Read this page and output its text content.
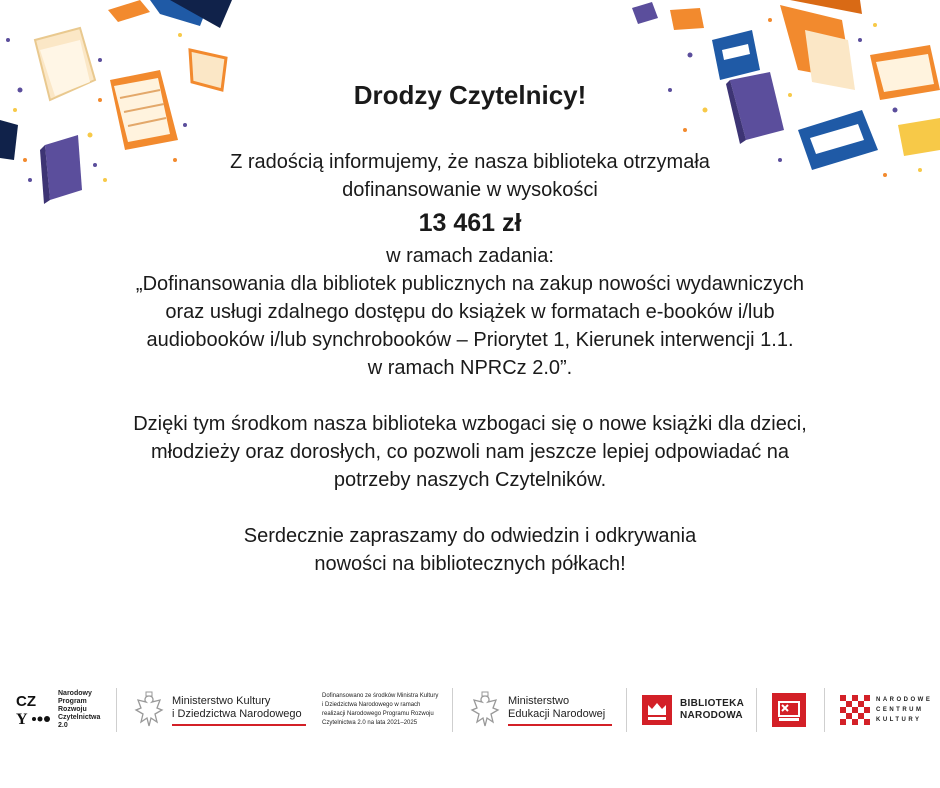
Drodzy Czytelnicy!
Z radością informujemy, że nasza biblioteka otrzymała
dofinansowanie w wysokości
13 461 zł
w ramach zadania:
„Dofinansowania dla bibliotek publicznych na zakup nowości wydawniczych
oraz usługi zdalnego dostępu do książek w formatach e-booków i/lub
audiobooków i/lub synchrobooków – Priorytet 1, Kierunek interwencji 1.1.
w ramach NPRCz 2.0”.
Dzięki tym środkom nasza biblioteka wzbogaci się o nowe książki dla dzieci,
młodzieży oraz dorosłych, co pozwoli nam jeszcze lepiej odpowiadać na
potrzeby naszych Czytelników.
Serdecznie zapraszamy do odwiedzin i odkrywania
nowości na bibliotecznych półkach!
CZ
Y
Narodowy
Program
Rozwoju
Czytelnictwa
2.0
Ministerstwo Kultury
i Dziedzictwa Narodowego
Dofinansowano ze środków Ministra Kultury
i Dziedzictwa Narodowego w ramach
realizacji Narodowego Programu Rozwoju
Czytelnictwa 2.0 na lata 2021–2025
Ministerstwo
Edukacji Narodowej
BIBLIOTEKA
NARODOWA
NARODOWE
CENTRUM
KULTURY
